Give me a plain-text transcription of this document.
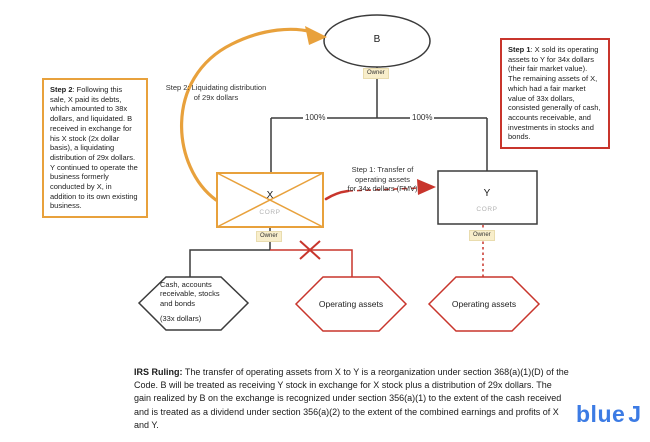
B
X
CORP
Y
CORP
Owner
Owner	Owner
100%	100%
Cash, accounts
receivable, stocks
and bonds
(33x dollars)
Operating assets	Operating assets
Step 2: Liquidating distribution
of 29x dollars
Step 1: Transfer of
operating assets
for 34x dollars (FMV)
Step 2: Following this sale, X paid its debts, which amounted to 38x dollars, and liquidated. B received in exchange for his X stock (2x dollar basis), a liquidating distribution of 29x dollars. Y continued to operate the business formerly conducted by X, in addition to its own existing business.
Step 1: X sold its operating assets to Y for 34x dollars (their fair market value). The remaining assets of X, which had a fair market value of 33x dollars, consisted generally of cash, accounts receivable, and investments in stocks and bonds.
IRS Ruling: The transfer of operating assets from X to Y is a reorganization under section 368(a)(1)(D) of the Code. B will be treated as receiving Y stock in exchange for X stock plus a distribution of 29x dollars. The gain realized by B on the exchange is recognized under section 356(a)(1) to the extent of the cash received and is treated as a dividend under section 356(a)(2) to the extent of the combined earnings and profits of X and Y.	blue J
